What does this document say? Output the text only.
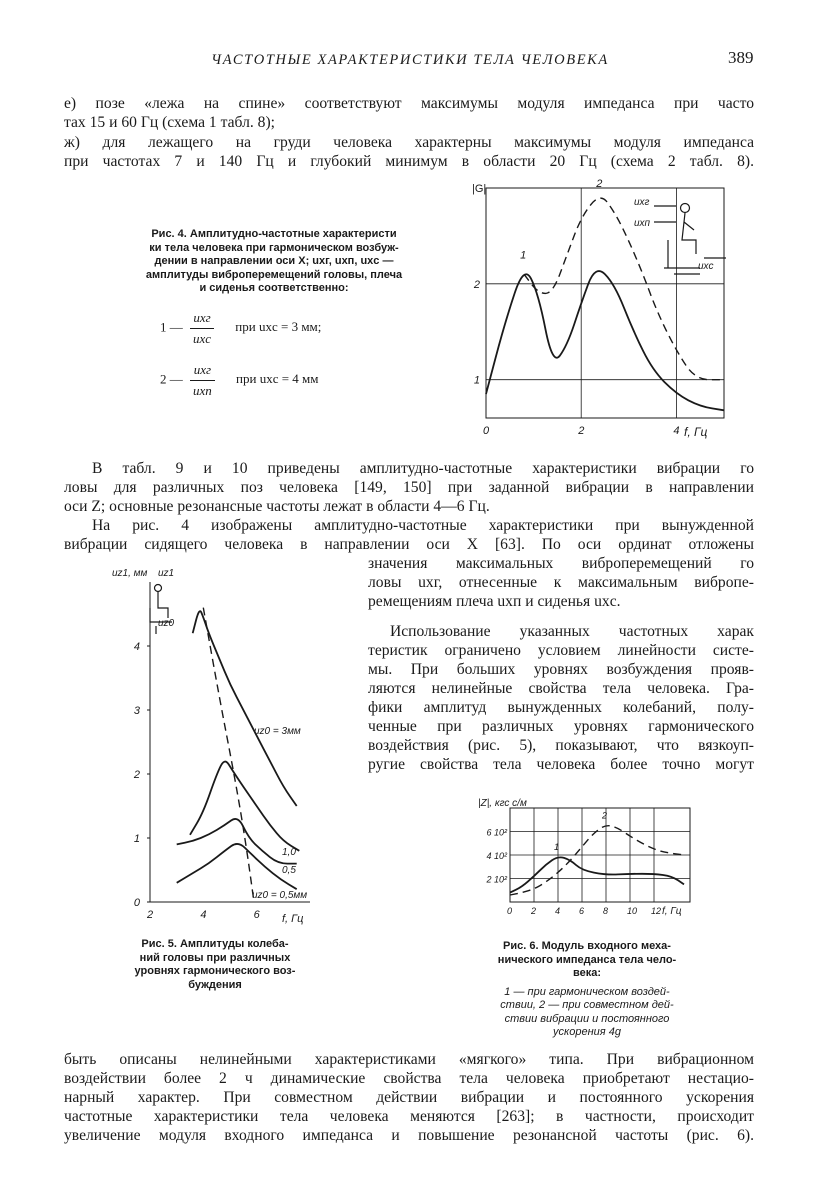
ЧАСТОТНЫЕ ХАРАКТЕРИСТИКИ ТЕЛА ЧЕЛОВЕКА	389
е) позе «лежа на спине» соответствуют максимумы модуля импеданса при часто
тах 15 и 60 Гц (схема 1 табл. 8);
ж) для лежащего на груди человека характерны максимумы модуля импеданса
при частотах 7 и 140 Гц и глубокий минимум в области 20 Гц (схема 2 табл. 8).
Рис. 4. Амплитудно-частотные характеристи
ки тела человека при гармоническом возбуж-
дении в направлении оси X; uxг, uxп, uxc —
амплитуды виброперемещений головы, плеча
и сиденья соответственно:
1 — $\frac{\text{uxг}}{\text{uxc}}$ при uxc = 3 мм;
2 — $\frac{\text{uxг}}{\text{uxп}}$ при uxc = 4 мм
1
2
0	2	4
1
2
|G|
f, Гц
uxг
uxп
uxc
В табл. 9 и 10 приведены амплитудно-частотные характеристики вибрации го
ловы для различных поз человека [149, 150] при заданной вибрации в направлении
оси Z; основные резонансные частоты лежат в области 4—6 Гц.
На рис. 4 изображены амплитудно-частотные характеристики при вынужденной
вибрации сидящего человека в направлении оси X [63]. По оси ординат отложены
значения максимальных виброперемещений го
ловы uxг, отнесенные к максимальным вибропе-
ремещениям плеча uxп и сиденья uxc.
Использование указанных частотных харак
теристик ограничено условием линейности систе-
мы. При больших уровнях возбуждения прояв-
ляются нелинейные свойства тела человека. Гра-
фики амплитуд вынужденных колебаний, полу-
ченные при различных уровнях гармонического
воздействия (рис. 5), показывают, что вязкоуп-
ругие свойства тела человека более точно могут
2	4	6
0
1
2
3
4
uz1, мм uz1
f, Гц
uz0
uz0 = 3мм
1,0
0,5
uz0 = 0,5мм
Рис. 5. Амплитуды колеба-
ний головы при различных
уровнях гармонического воз-
буждения
1
2
0 2 4 6 8 10 12
2 10²
4 10²
6 10²
|Z|, кгс с/м
f, Гц
Рис. 6. Модуль входного меха-
нического импеданса тела чело-
века:
1 — при гармоническом воздей-
ствии, 2 — при совместном дей-
ствии вибрации и постоянного
ускорения 4g
быть описаны нелинейными характеристиками «мягкого» типа. При вибрационном
воздействии более 2 ч динамические свойства тела человека приобретают нестацио-
нарный характер. При совместном действии вибрации и постоянного ускорения
частотные характеристики тела человека меняются [263]; в частности, происходит
увеличение модуля входного импеданса и повышение резонансной частоты (рис. 6).
